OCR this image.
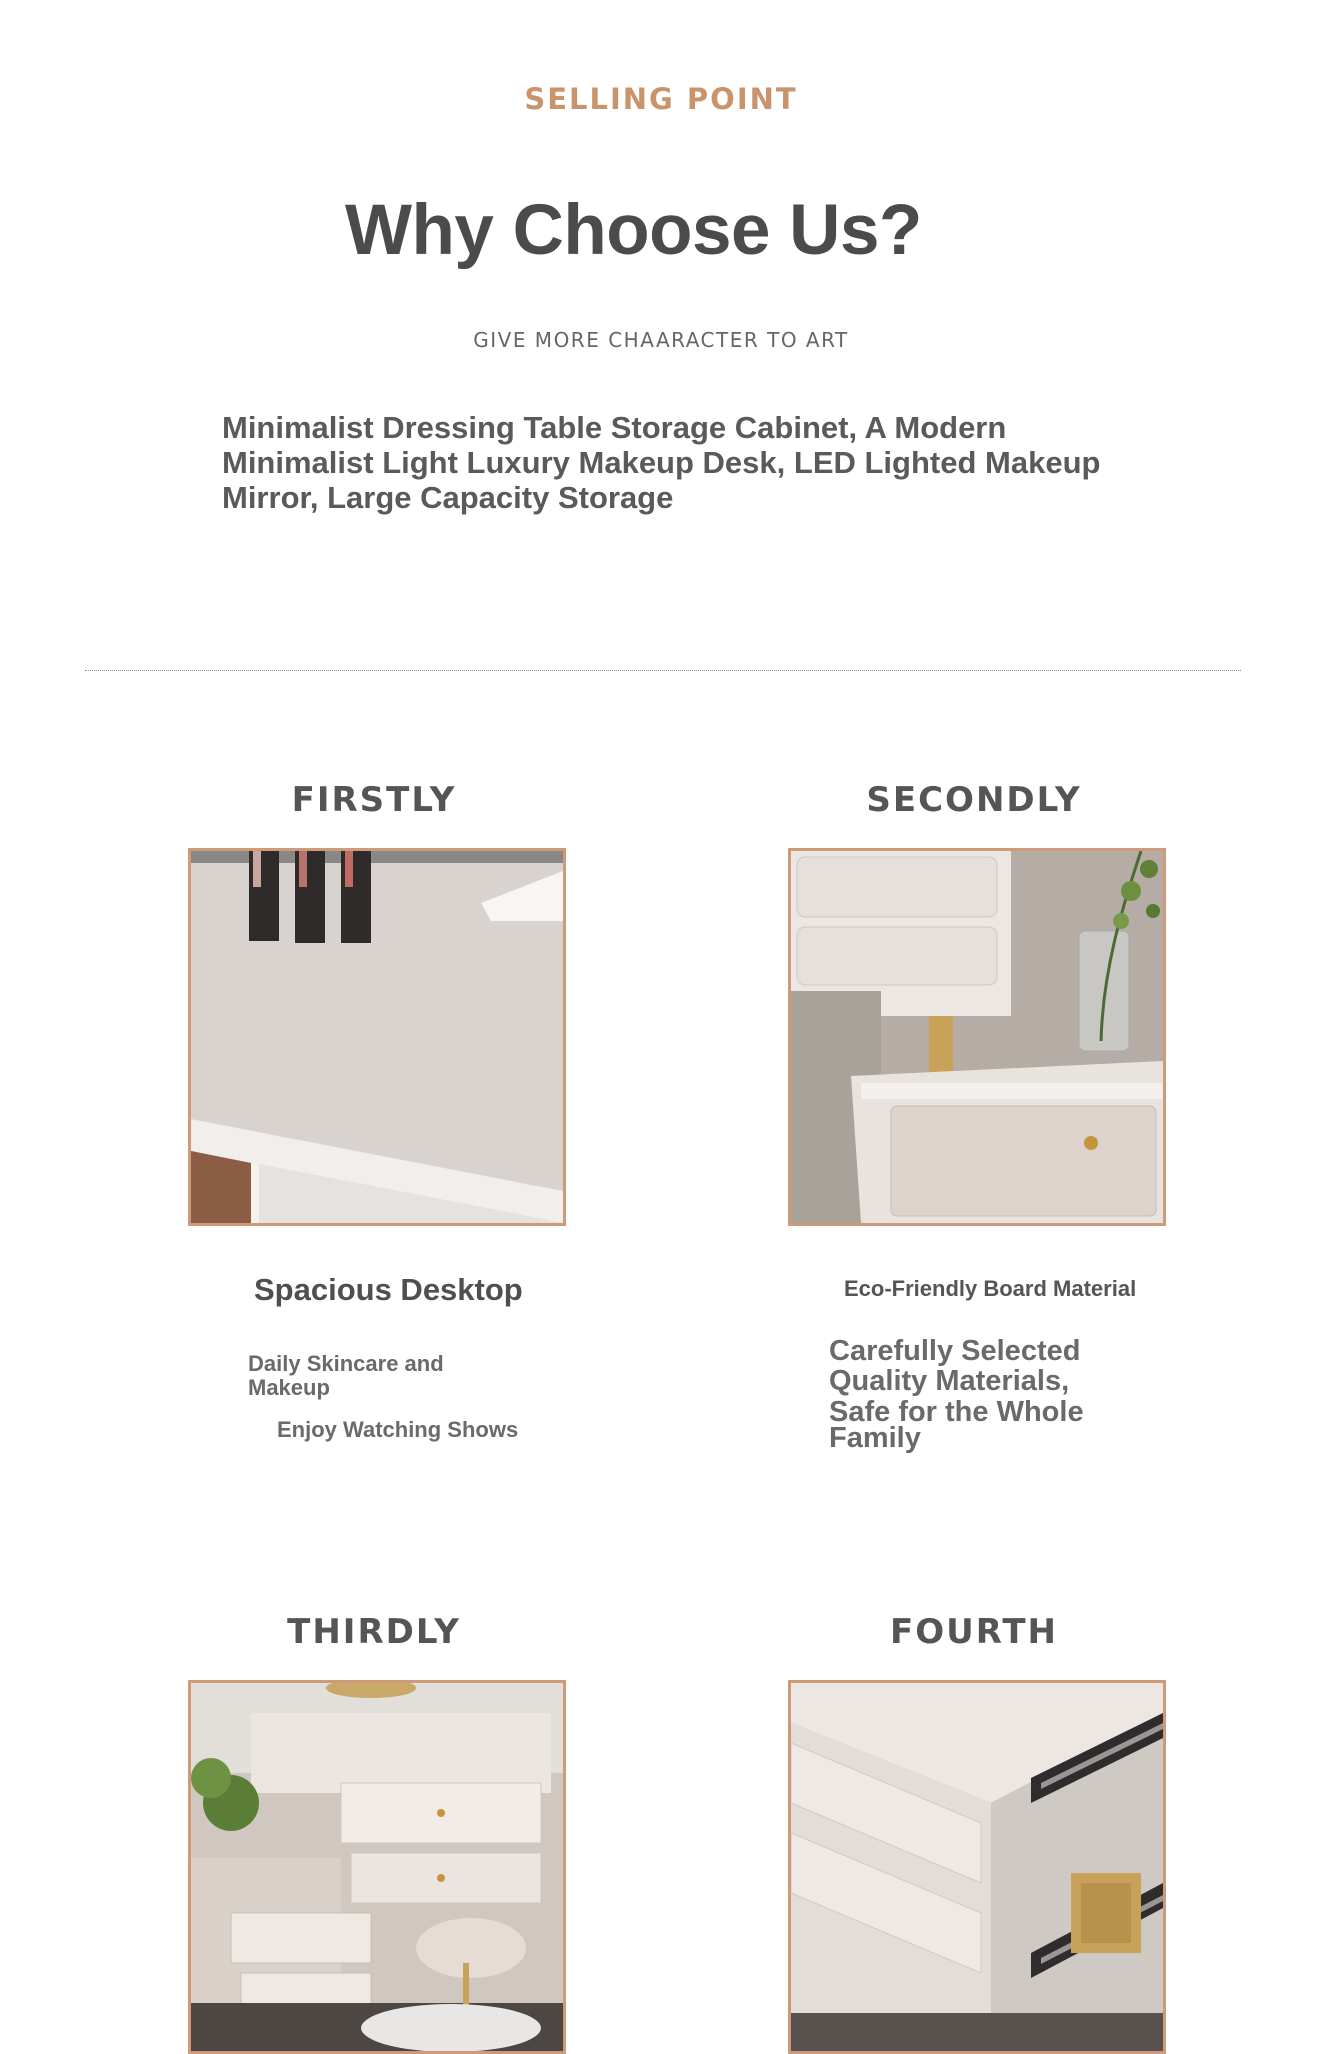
SELLING POINT
Why Choose Us?
GIVE MORE CHAARACTER TO ART
Minimalist Dressing Table Storage Cabinet, A Modern Minimalist Light Luxury Makeup Desk, LED Lighted Makeup Mirror, Large Capacity Storage
FIRSTLY
Spacious Desktop
Daily Skincare and
Makeup
Enjoy Watching Shows
SECONDLY
Eco-Friendly Board Material
Carefully Selected
Quality Materials,
Safe for the Whole
Family
THIRDLY	FOURTH
